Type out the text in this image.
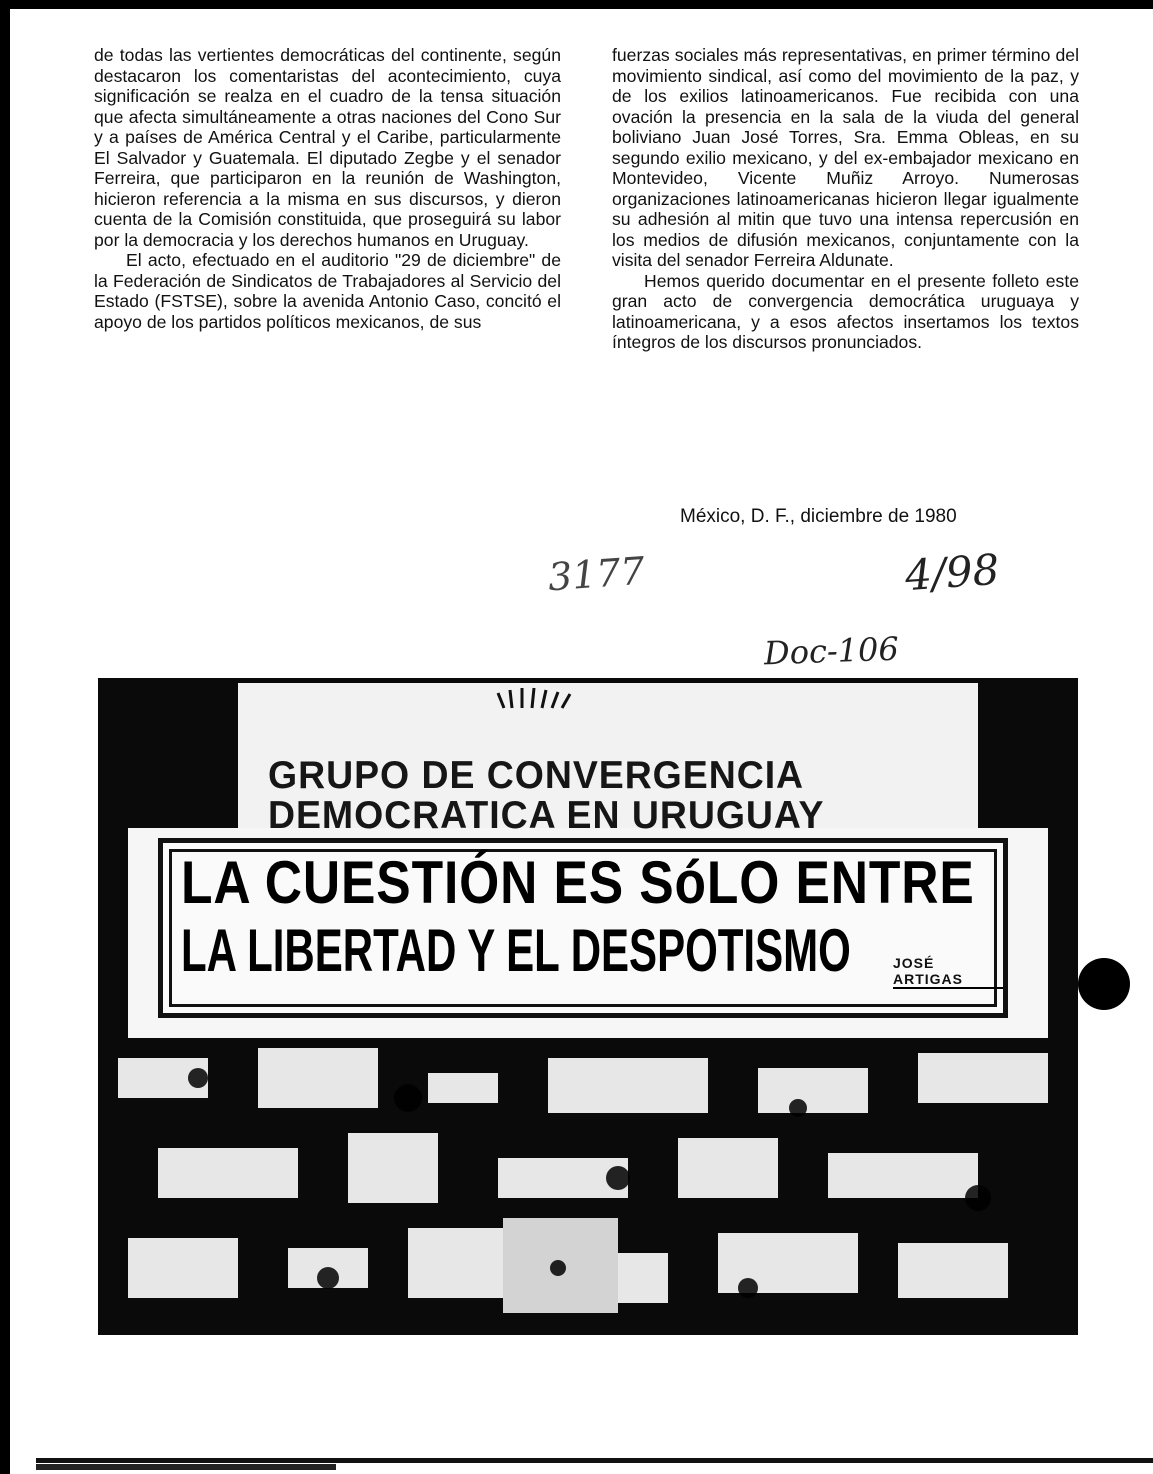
de todas las vertientes democráticas del continente, según destacaron los comentaristas del acontecimiento, cuya significación se realza en el cuadro de la tensa situación que afecta simultáneamente a otras naciones del Cono Sur y a países de América Central y el Caribe, particularmente El Salvador y Guatemala. El diputado Zegbe y el senador Ferreira, que participaron en la reunión de Washington, hicieron referencia a la misma en sus discursos, y dieron cuenta de la Comisión constituida, que proseguirá su labor por la democracia y los derechos humanos en Uruguay.

El acto, efectuado en el auditorio "29 de diciembre" de la Federación de Sindicatos de Trabajadores al Servicio del Estado (FSTSE), sobre la avenida Antonio Caso, concitó el apoyo de los partidos políticos mexicanos, de sus

fuerzas sociales más representativas, en primer término del movimiento sindical, así como del movimiento de la paz, y de los exilios latinoamericanos. Fue recibida con una ovación la presencia en la sala de la viuda del general boliviano Juan José Torres, Sra. Emma Obleas, en su segundo exilio mexicano, y del ex-embajador mexicano en Montevideo, Vicente Muñiz Arroyo. Numerosas organizaciones latinoamericanas hicieron llegar igualmente su adhesión al mitin que tuvo una intensa repercusión en los medios de difusión mexicanos, conjuntamente con la visita del senador Ferreira Aldunate.

Hemos querido documentar en el presente folleto este gran acto de convergencia democrática uruguaya y latinoamericana, y a esos afectos insertamos los textos íntegros de los discursos pronunciados.

México, D. F., diciembre de 1980
3177	4/98
Doc-106
GRUPO DE CONVERGENCIA
DEMOCRATICA EN URUGUAY
LA CUESTIÓN ES SóLO ENTRE
LA LIBERTAD Y EL DESPOTISMO	JOSÉ ARTIGAS
